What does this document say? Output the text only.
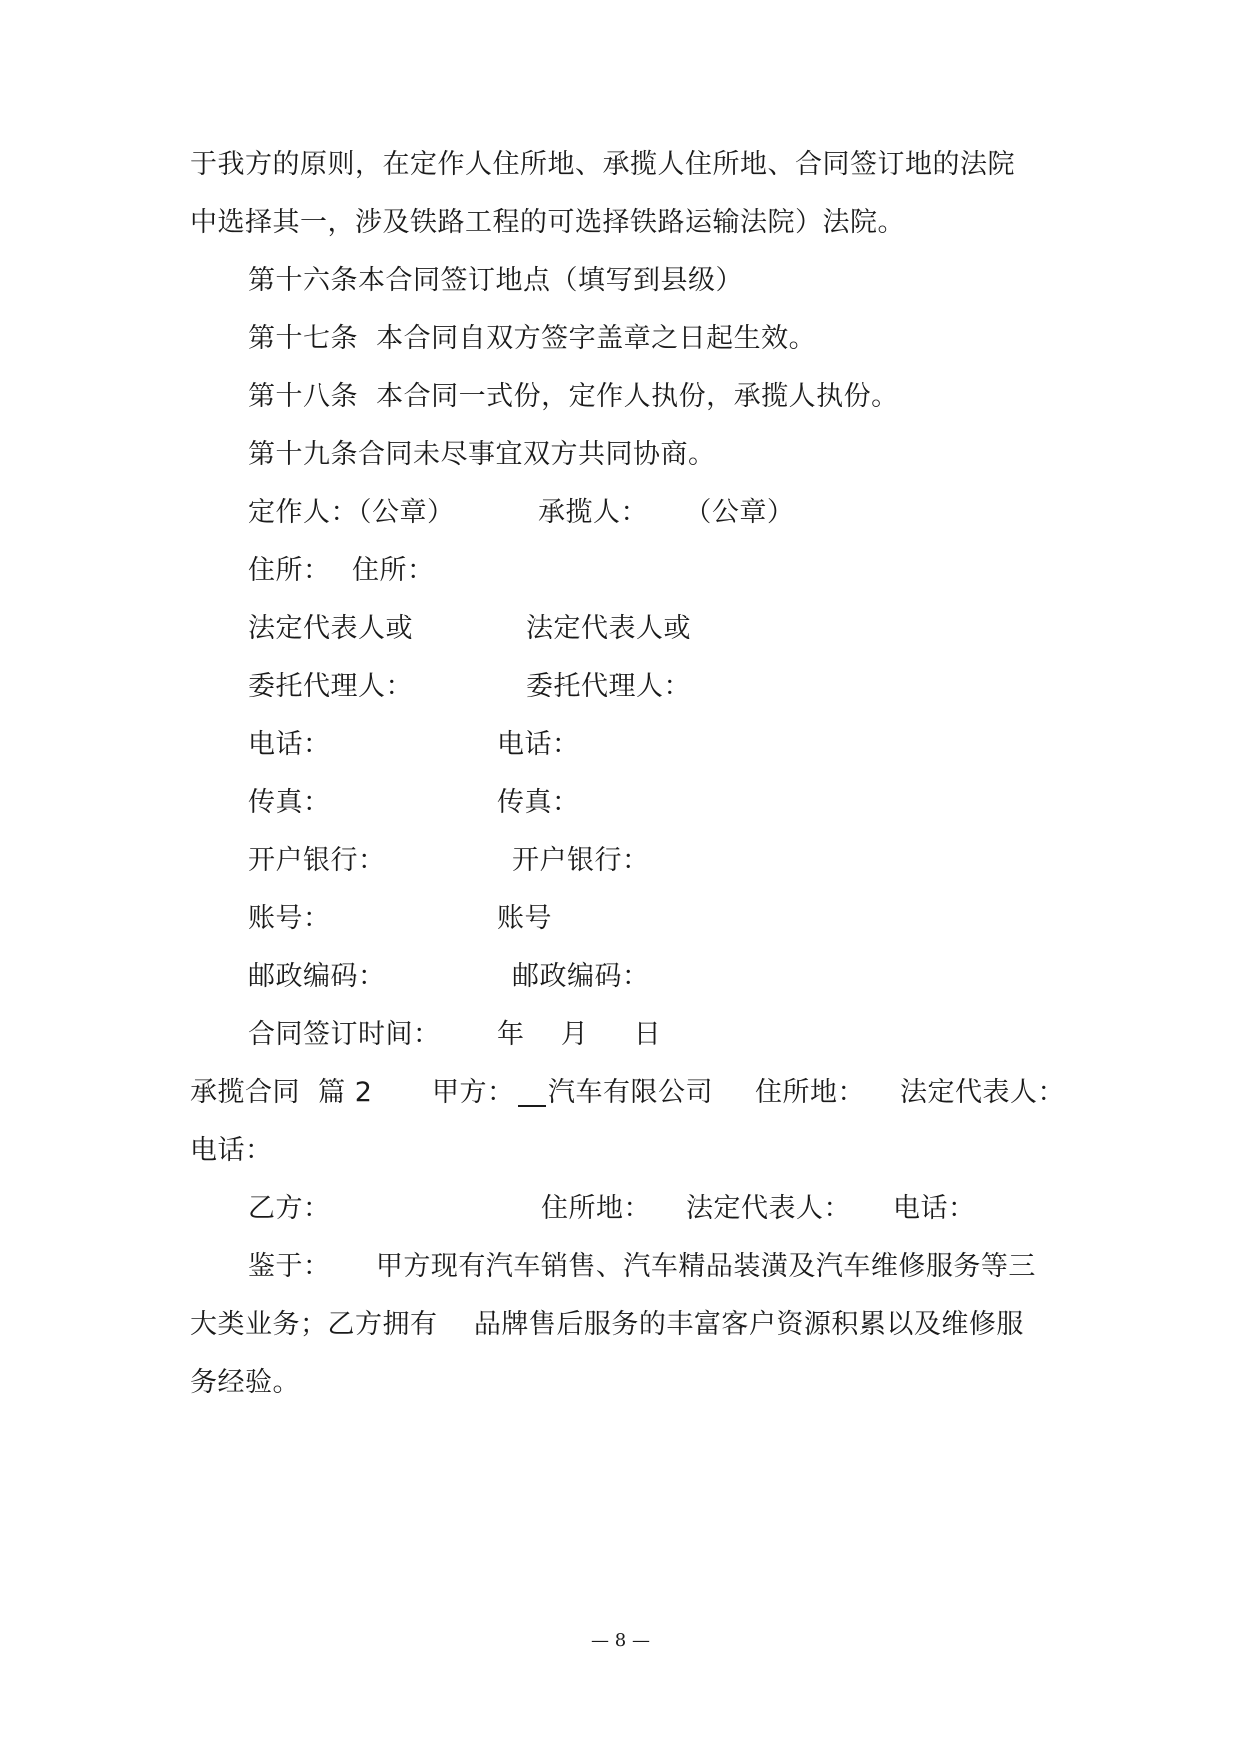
于我方的原则，在定作人住所地、承揽人住所地、合同签订地的法院
中选择其一，涉及铁路工程的可选择铁路运输法院）法院。
第十六条本合同签订地点（填写到县级）
第十七条  本合同自双方签字盖章之日起生效。
第十八条  本合同一式份，定作人执份，承揽人执份。
第十九条合同未尽事宜双方共同协商。
定作人：（公章）	承揽人：    （公章）
住所： 住所：
法定代表人或	法定代表人或
委托代理人：	委托代理人：
电话：	电话：
传真：	传真：
开户银行：	开户银行：
账号：	账号
邮政编码：	邮政编码：
合同签订时间： 年    月     日
承揽合同  篇 2 甲方： 汽车有限公司 住所地： 法定代表人：
电话：
乙方：	住所地： 法定代表人： 电话：
鉴于：     甲方现有汽车销售、汽车精品装潢及汽车维修服务等三
大类业务；乙方拥有    品牌售后服务的丰富客户资源积累以及维修服
务经验。
— 8 —
